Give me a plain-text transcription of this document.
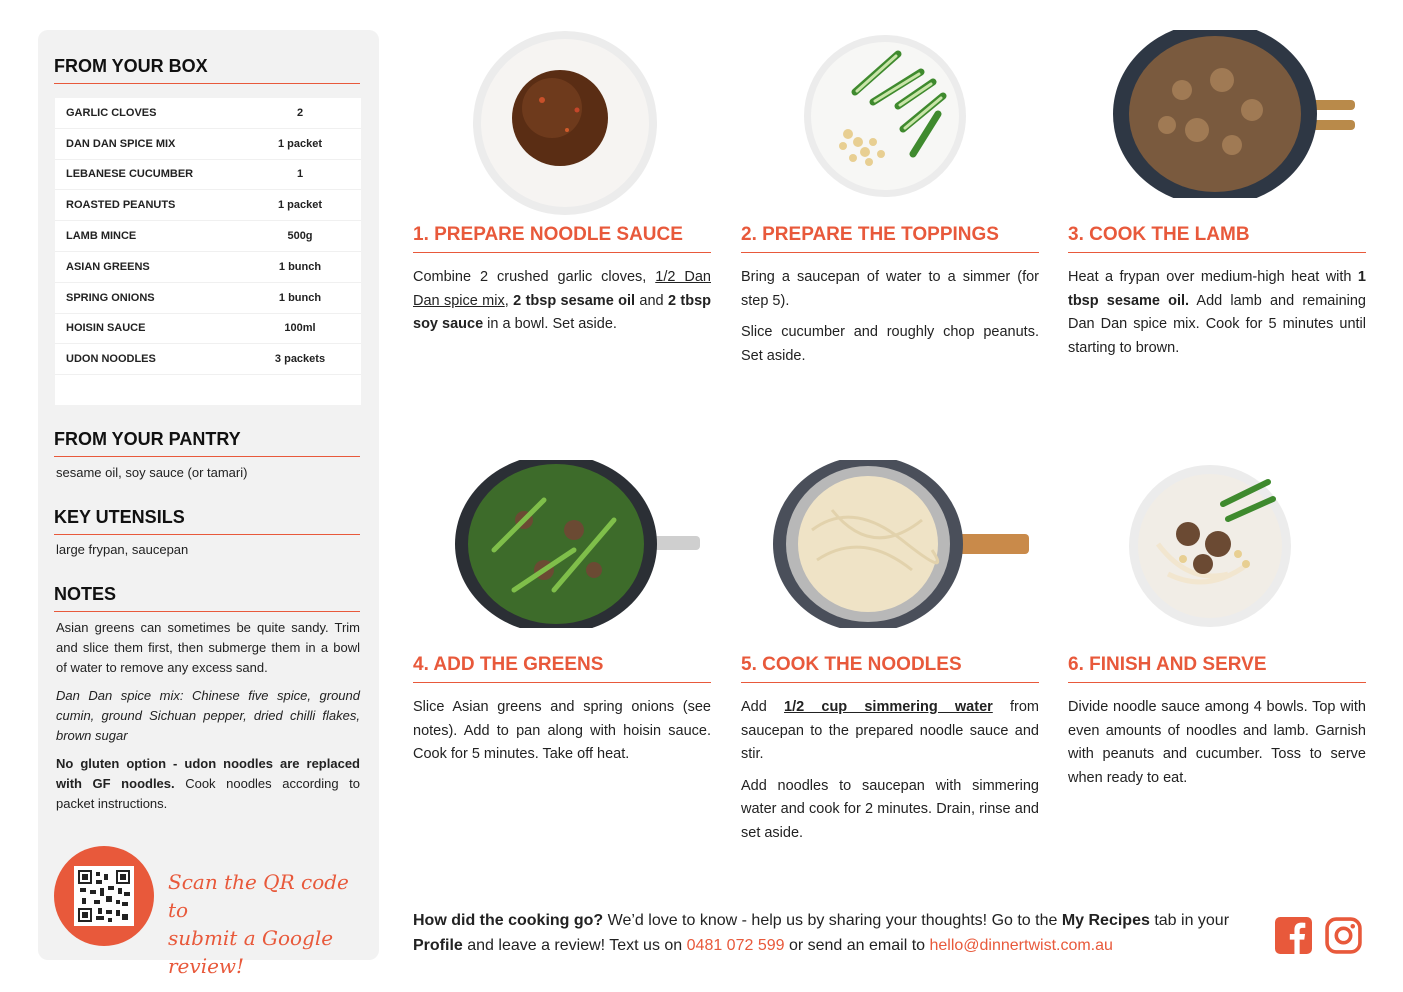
FROM YOUR BOX
GARLIC CLOVES	2
DAN DAN SPICE MIX	1 packet
LEBANESE CUCUMBER	1
ROASTED PEANUTS	1 packet
LAMB MINCE	500g
ASIAN GREENS	1 bunch
SPRING ONIONS	1 bunch
HOISIN SAUCE	100ml
UDON NOODLES	3 packets
FROM YOUR PANTRY
sesame oil, soy sauce (or tamari)
KEY UTENSILS
large frypan, saucepan
NOTES
Asian greens can sometimes be quite sandy. Trim and slice them first, then submerge them in a bowl of water to remove any excess sand.
Dan Dan spice mix: Chinese five spice, ground cumin, ground Sichuan pepper, dried chilli flakes, brown sugar
No gluten option - udon noodles are replaced with GF noodles. Cook noodles according to packet instructions.
Scan the QR code to
submit a Google review!
1. PREPARE NOODLE SAUCE

Combine 2 crushed garlic cloves, 1/2 Dan Dan spice mix, 2 tbsp sesame oil and 2 tbsp soy sauce in a bowl. Set aside.

2. PREPARE THE TOPPINGS

Bring a saucepan of water to a simmer (for step 5).

Slice cucumber and roughly chop peanuts. Set aside.

3. COOK THE LAMB

Heat a frypan over medium-high heat with 1 tbsp sesame oil. Add lamb and remaining Dan Dan spice mix. Cook for 5 minutes until starting to brown.

4. ADD THE GREENS

Slice Asian greens and spring onions (see notes). Add to pan along with hoisin sauce. Cook for 5 minutes. Take off heat.

5. COOK THE NOODLES

Add 1/2 cup simmering water from saucepan to the prepared noodle sauce and stir.

Add noodles to saucepan with simmering water and cook for 2 minutes. Drain, rinse and set aside.

6. FINISH AND SERVE

Divide noodle sauce among 4 bowls. Top with even amounts of noodles and lamb. Garnish with peanuts and cucumber. Toss to serve when ready to eat.

How did the cooking go? We’d love to know - help us by sharing your thoughts! Go to the My Recipes tab in your Profile and leave a review! Text us on 0481 072 599 or send an email to hello@dinnertwist.com.au
